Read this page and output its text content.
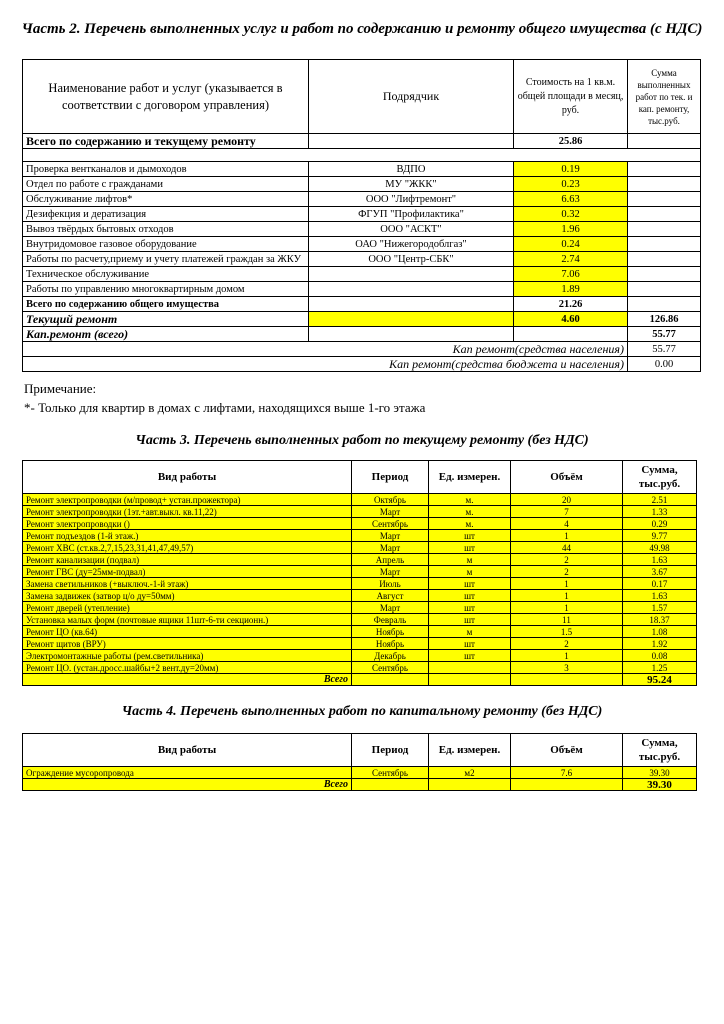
Часть 2. Перечень выполненных услуг и работ по содержанию и ремонту общего имущества (с НДС)
Наименование работ и услуг (указывается в соответствии с договором управления)	Подрядчик	Стоимость на 1 кв.м. общей площади в месяц, руб.	Сумма выполненных работ по тек. и кап. ремонту, тыс.руб.
Всего по содержанию и текущему ремонту		25.86	

Проверка вентканалов и дымоходов	ВДПО	0.19	
Отдел по работе с гражданами	МУ "ЖКК"	0.23	
Обслуживание лифтов*	ООО "Лифтремонт"	6.63	
Дезифекция и дератизация	ФГУП "Профилактика"	0.32	
Вывоз твёрдых бытовых отходов	ООО "АСКТ"	1.96	
Внутридомовое газовое оборудование	ОАО "Нижегородоблгаз"	0.24	
Работы по расчету,приему и учету платежей граждан за ЖКУ	ООО "Центр-СБК"	2.74	
Техническое обслуживание		7.06	
Работы по управлению многоквартирным домом		1.89	
Всего по содержанию общего имущества		21.26	
Текущий ремонт		4.60	126.86
Кап.ремонт (всего)			55.77
Кап ремонт(средства населения)			55.77
Кап ремонт(средства бюджета и населения)			0.00
Примечание:
*- Только для квартир в домах с лифтами, находящихся выше 1-го этажа
Часть 3. Перечень выполненных работ по текущему ремонту (без НДС)
Вид работы	Период	Ед. измерен.	Объём	Сумма, тыс.руб.
Ремонт электропроводки (м/провод+ устан.прожектора)	Октябрь	м.	20	2.51
Ремонт электропроводки (1эт.+авт.выкл. кв.11,22)	Март	м.	7	1.33
Ремонт электропроводки ()	Сентябрь	м.	4	0.29
Ремонт подъездов (1-й этаж.)	Март	шт	1	9.77
Ремонт ХВС (ст.кв.2,7,15,23,31,41,47,49,57)	Март	шт	44	49.98
Ремонт канализации (подвал)	Апрель	м	2	1.63
Ремонт ГВС (ду=25мм-подвал)	Март	м	2	3.67
Замена светильников (+выключ.-1-й этаж)	Июль	шт	1	0.17
Замена задвижек (затвор ц/о ду=50мм)	Август	шт	1	1.63
Ремонт дверей (утепление)	Март	шт	1	1.57
Установка малых форм (почтовые ящики 11шт-6-ти секционн.)	Февраль	шт	11	18.37
Ремонт ЦО (кв.64)	Ноябрь	м	1.5	1.08
Ремонт щитов (ВРУ)	Ноябрь	шт	2	1.92
Электромонтажные работы (рем.светильника)	Декабрь	шт	1	0.08
Ремонт ЦО. (устан.дросс.шайбы+2 вент.ду=20мм)	Сентябрь		3	1.25
Всего				95.24
Часть 4. Перечень выполненных работ по капитальному ремонту (без НДС)
Вид работы	Период	Ед. измерен.	Объём	Сумма, тыс.руб.
Ограждение мусоропровода	Сентябрь	м2	7.6	39.30
Всего				39.30
